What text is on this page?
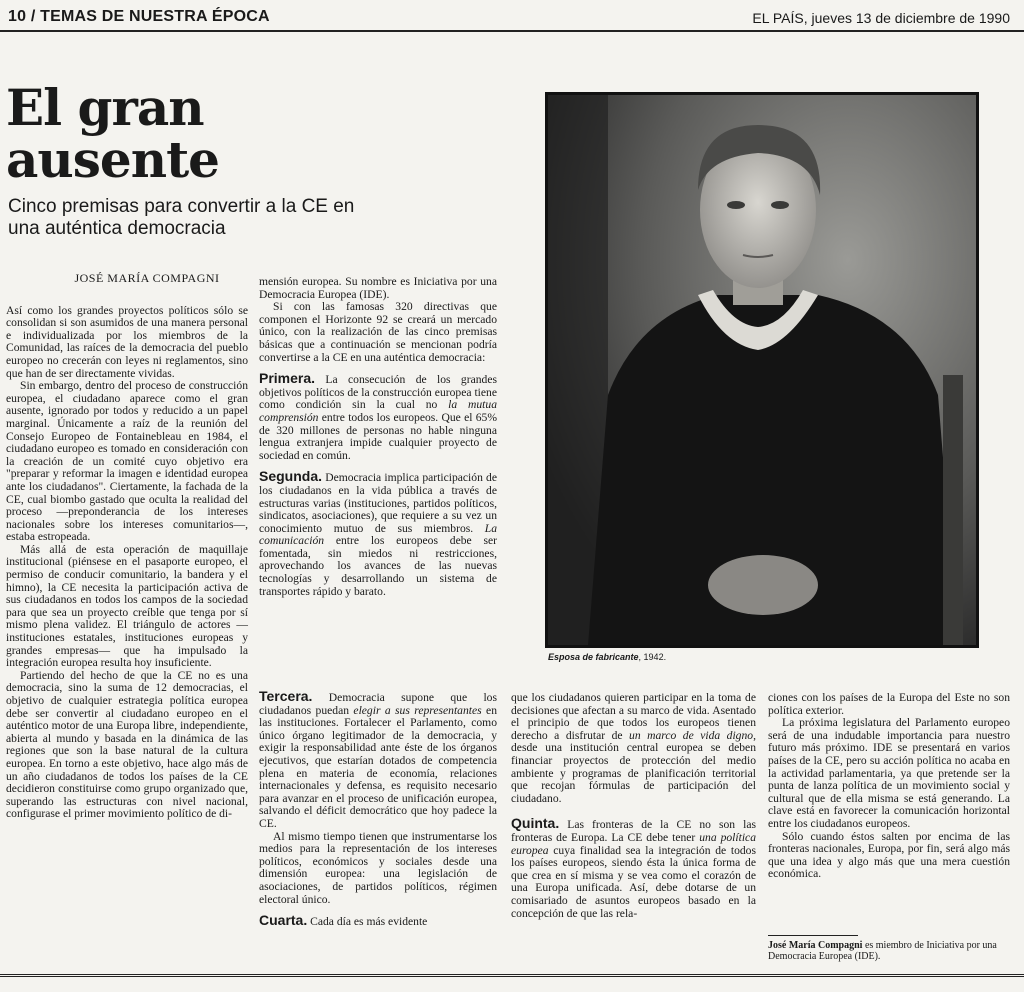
10 / TEMAS DE NUESTRA ÉPOCA	EL PAÍS, jueves 13 de diciembre de 1990
El gran ausente
Cinco premisas para convertir a la CE en una auténtica democracia
JOSÉ MARÍA COMPAGNI

Así como los grandes proyectos políticos sólo se consolidan si son asumidos de una manera personal e individualizada por los miembros de la Comunidad, las raíces de la democracia del pueblo europeo no crecerán con leyes ni reglamentos, sino que han de ser directamente vividas.

Sin embargo, dentro del proceso de construcción europea, el ciudadano aparece como el gran ausente, ignorado por todos y reducido a un papel marginal. Únicamente a raíz de la reunión del Consejo Europeo de Fontainebleau en 1984, el ciudadano europeo es tomado en consideración con la creación de un comité cuyo objetivo era "preparar y reformar la imagen e identidad europea ante los ciudadanos". Ciertamente, la fachada de la CE, cual biombo gastado que oculta la realidad del proceso —preponderancia de los intereses nacionales sobre los intereses comunitarios—, estaba estropeada.

Más allá de esta operación de maquillaje institucional (piénsese en el pasaporte europeo, el permiso de conducir comunitario, la bandera y el himno), la CE necesita la participación activa de sus ciudadanos en todos los campos de la sociedad para que sea un proyecto creíble que tenga por sí mismo plena validez. El triángulo de actores —instituciones estatales, instituciones europeas y grandes empresas— que ha impulsado la integración europea resulta hoy insuficiente.

Partiendo del hecho de que la CE no es una democracia, sino la suma de 12 democracias, el objetivo de cualquier estrategia política europea debe ser convertir al ciudadano europeo en el auténtico motor de una Europa libre, independiente, abierta al mundo y basada en la dinámica de las regiones que son la base natural de la cultura europea. En torno a este objetivo, hace algo más de un año ciudadanos de todos los países de la CE decidieron constituirse como grupo organizado que, superando las estructuras con nivel nacional, configurase el primer movimiento político de di-

mensión europea. Su nombre es Iniciativa por una Democracia Europea (IDE).

Si con las famosas 320 directivas que componen el Horizonte 92 se creará un mercado único, con la realización de las cinco premisas básicas que a continuación se mencionan podría convertirse a la CE en una auténtica democracia:

Primera. La consecución de los grandes objetivos políticos de la construcción europea tiene como condición sin la cual no la mutua comprensión entre todos los europeos. Que el 65% de 320 millones de personas no hable ninguna lengua extranjera impide cualquier proyecto de sociedad en común.

Segunda. Democracia implica participación de los ciudadanos en la vida pública a través de estructuras varias (instituciones, partidos políticos, sindicatos, asociaciones), que requiere a su vez un conocimiento mutuo de sus miembros. La comunicación entre los europeos debe ser fomentada, sin miedos ni restricciones, aprovechando los avances de las nuevas tecnologías y desarrollando un sistema de transportes rápido y barato.

Tercera. Democracia supone que los ciudadanos puedan elegir a sus representantes en las instituciones. Fortalecer el Parlamento, como único órgano legitimador de la democracia, y exigir la responsabilidad ante éste de los órganos ejecutivos, que estarían dotados de competencia plena en materia de economía, relaciones internacionales y defensa, es requisito necesario para avanzar en el proceso de unificación europea, salvando el déficit democrático que hoy padece la CE.

Al mismo tiempo tienen que instrumentarse los medios para la representación de los intereses políticos, económicos y sociales desde una dimensión europea: una legislación de asociaciones, de partidos políticos, régimen electoral único.

Cuarta. Cada día es más evidente

Esposa de fabricante, 1942.

que los ciudadanos quieren participar en la toma de decisiones que afectan a su marco de vida. Asentado el principio de que todos los europeos tienen derecho a disfrutar de un marco de vida digno, desde una institución central europea se deben financiar proyectos de protección del medio ambiente y programas de planificación territorial que recojan fórmulas de participación del ciudadano.

Quinta. Las fronteras de la CE no son las fronteras de Europa. La CE debe tener una política europea cuya finalidad sea la integración de todos los países europeos, siendo ésta la única forma de que crea en sí misma y se vea como el corazón de una Europa unificada. Así, debe dotarse de un comisariado de asuntos europeos basado en la concepción de que las rela-

ciones con los países de la Europa del Este no son política exterior.

La próxima legislatura del Parlamento europeo será de una indudable importancia para nuestro futuro más próximo. IDE se presentará en varios países de la CE, pero su acción política no acaba en la actividad parlamentaria, ya que pretende ser la punta de lanza política de un movimiento social y cultural que de ella misma se está generando. La clave está en favorecer la comunicación horizontal entre los ciudadanos europeos.

Sólo cuando éstos salten por encima de las fronteras nacionales, Europa, por fin, será algo más que una idea y algo más que una mera cuestión económica.

José María Compagni es miembro de Iniciativa por una Democracia Europea (IDE).
